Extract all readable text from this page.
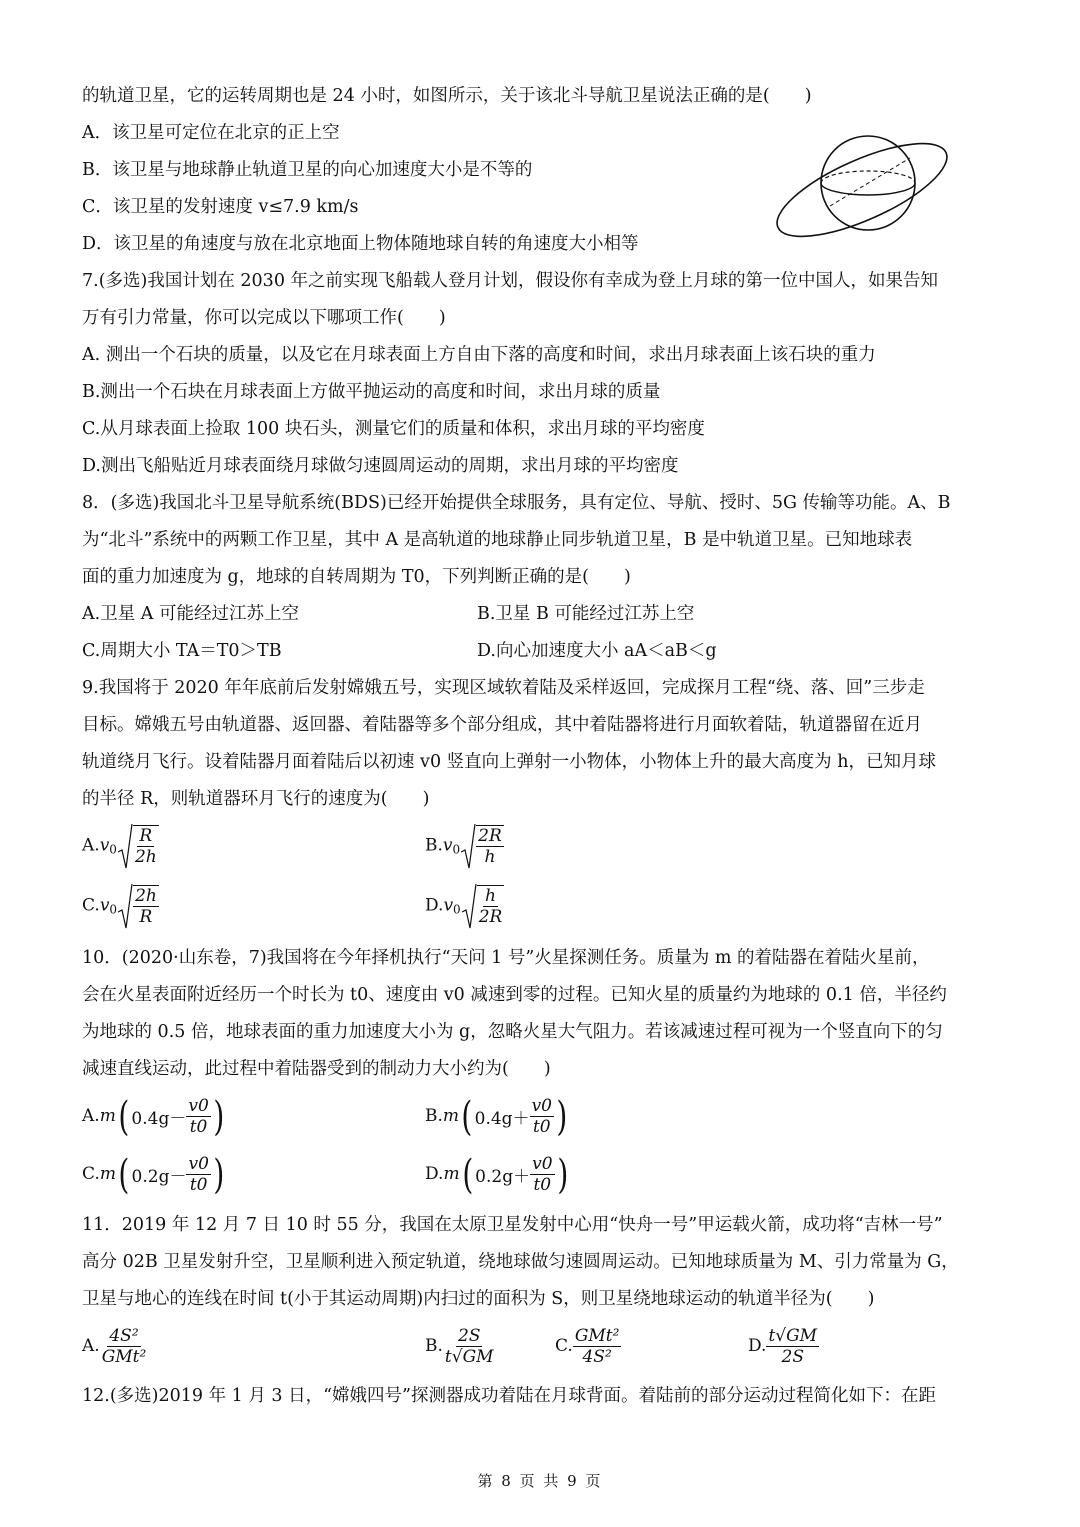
的轨道卫星，它的运转周期也是 24 小时，如图所示，关于该北斗导航卫星说法正确的是(　　)
A．该卫星可定位在北京的正上空
B．该卫星与地球静止轨道卫星的向心加速度大小是不等的
C．该卫星的发射速度 v≤7.9 km/s
D．该卫星的角速度与放在北京地面上物体随地球自转的角速度大小相等
7.(多选)我国计划在 2030 年之前实现飞船载人登月计划，假设你有幸成为登上月球的第一位中国人，如果告知
万有引力常量，你可以完成以下哪项工作(　　)
A. 测出一个石块的质量，以及它在月球表面上方自由下落的高度和时间，求出月球表面上该石块的重力
B.测出一个石块在月球表面上方做平抛运动的高度和时间，求出月球的质量
C.从月球表面上捡取 100 块石头，测量它们的质量和体积，求出月球的平均密度
D.测出飞船贴近月球表面绕月球做匀速圆周运动的周期，求出月球的平均密度
8．(多选)我国北斗卫星导航系统(BDS)已经开始提供全球服务，具有定位、导航、授时、5G 传输等功能。A、B
为“北斗”系统中的两颗工作卫星，其中 A 是高轨道的地球静止同步轨道卫星，B 是中轨道卫星。已知地球表
面的重力加速度为 g，地球的自转周期为 T0，下列判断正确的是(　　)
A.卫星 A 可能经过江苏上空	B.卫星 B 可能经过江苏上空
C.周期大小 TA＝T0＞TB	D.向心加速度大小 aA＜aB＜g
9.我国将于 2020 年年底前后发射嫦娥五号，实现区域软着陆及采样返回，完成探月工程“绕、落、回”三步走
目标。嫦娥五号由轨道器、返回器、着陆器等多个部分组成，其中着陆器将进行月面软着陆，轨道器留在近月
轨道绕月飞行。设着陆器月面着陆后以初速 v0 竖直向上弹射一小物体，小物体上升的最大高度为 h，已知月球
的半径 R，则轨道器环月飞行的速度为(　　)
$A.v_0 \frac{R}{2h}$	$B.v_0 \frac{2R}{h}$
$C.v_0 \frac{2h}{R}$	$D.v_0 \frac{h}{2R}$
10．(2020·山东卷，7)我国将在今年择机执行“天问 1 号”火星探测任务。质量为 m 的着陆器在着陆火星前，
会在火星表面附近经历一个时长为 t0、速度由 v0 减速到零的过程。已知火星的质量约为地球的 0.1 倍，半径约
为地球的 0.5 倍，地球表面的重力加速度大小为 g，忽略火星大气阻力。若该减速过程可视为一个竖直向下的匀
减速直线运动，此过程中着陆器受到的制动力大小约为(　　)
A.m ( $0.4g- \frac{v0}{t0}$ )	B.m ( $0.4g+ \frac{v0}{t0}$ )
C.m ( $0.2g- \frac{v0}{t0}$ )	D.m ( $0.2g+ \frac{v0}{t0}$ )
11．2019 年 12 月 7 日 10 时 55 分，我国在太原卫星发射中心用“快舟一号”甲运载火箭，成功将“吉林一号”
高分 02B 卫星发射升空，卫星顺利进入预定轨道，绕地球做匀速圆周运动。已知地球质量为 M、引力常量为 G，
卫星与地心的连线在时间 t(小于其运动周期)内扫过的面积为 S，则卫星绕地球运动的轨道半径为(　　)
A. $\frac{\text{4S²}}{\text{GMt²}}$	B. $\frac{2S}{t√GM}$	C. $\frac{\text{GMt²}}{\text{4S²}}$	D. $\frac{t√GM}{2S}$
12.(多选)2019 年 1 月 3 日，“嫦娥四号”探测器成功着陆在月球背面。着陆前的部分运动过程简化如下：在距
第 8 页 共 9 页
